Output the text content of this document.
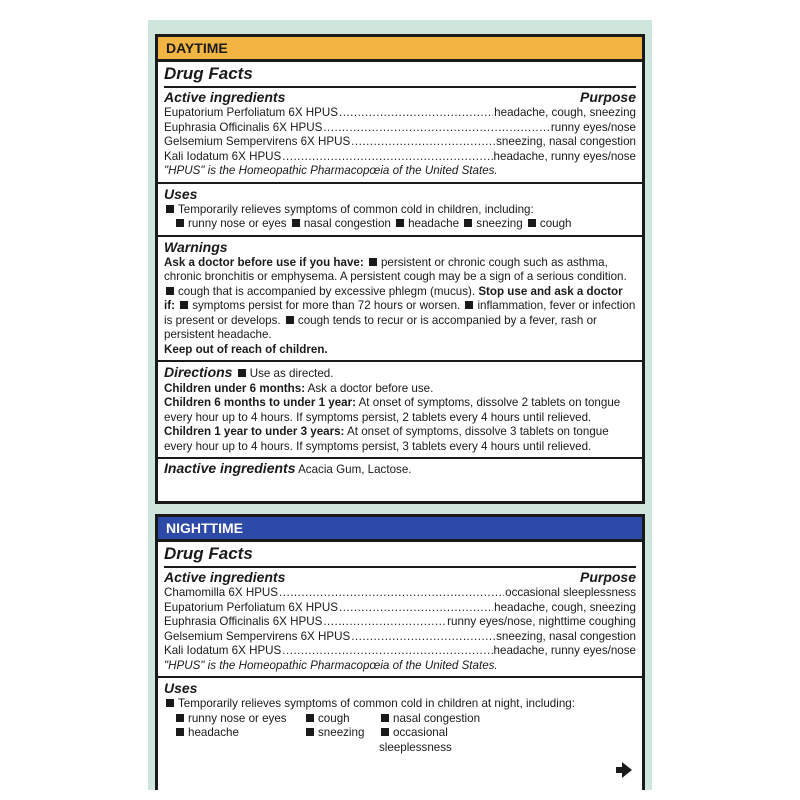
DAYTIME
Drug Facts
Active ingredients	Purpose
Eupatorium Perfoliatum 6X HPUS .....	headache, cough, sneezing
Euphrasia Officinalis 6X HPUS .....	runny eyes/nose
Gelsemium Sempervirens 6X HPUS .....	sneezing, nasal congestion
Kali Iodatum 6X HPUS .....	headache, runny eyes/nose
"HPUS" is the Homeopathic Pharmacopœia of the United States.
Uses
Temporarily relieves symptoms of common cold in children, including:
runny nose or eyes nasal congestion headache sneezing cough
Warnings
Ask a doctor before use if you have: persistent or chronic cough such as asthma, chronic bronchitis or emphysema. A persistent cough may be a sign of a serious condition. cough that is accompanied by excessive phlegm (mucus). Stop use and ask a doctor if: symptoms persist for more than 72 hours or worsen. inflammation, fever or infection is present or develops. cough tends to recur or is accompanied by a fever, rash or persistent headache.
Keep out of reach of children.
Directions Use as directed.
Children under 6 months: Ask a doctor before use.
Children 6 months to under 1 year: At onset of symptoms, dissolve 2 tablets on tongue every hour up to 4 hours. If symptoms persist, 2 tablets every 4 hours until relieved.
Children 1 year to under 3 years: At onset of symptoms, dissolve 3 tablets on tongue every hour up to 4 hours. If symptoms persist, 3 tablets every 4 hours until relieved.
Inactive ingredients Acacia Gum, Lactose.
NIGHTTIME
Drug Facts
Active ingredients	Purpose
Chamomilla 6X HPUS .....	occasional sleeplessness
Eupatorium Perfoliatum 6X HPUS .....	headache, cough, sneezing
Euphrasia Officinalis 6X HPUS .....	runny eyes/nose, nighttime coughing
Gelsemium Sempervirens 6X HPUS .....	sneezing, nasal congestion
Kali Iodatum 6X HPUS .....	headache, runny eyes/nose
"HPUS" is the Homeopathic Pharmacopœia of the United States.
Uses
Temporarily relieves symptoms of common cold in children at night, including:
runny nose or eyes	cough	nasal congestion
headache	sneezing	occasional sleeplessness
